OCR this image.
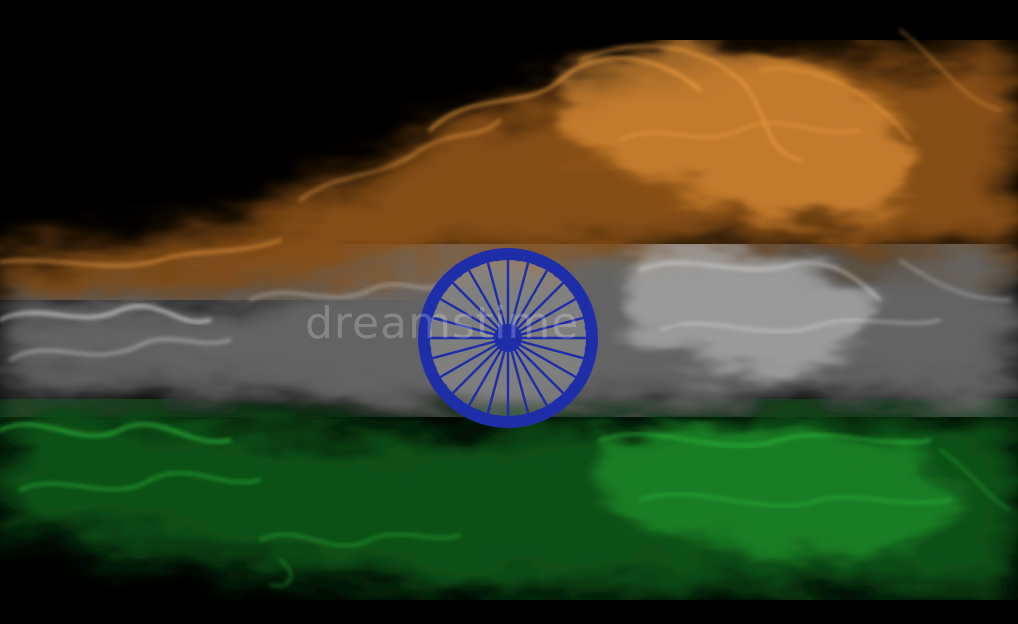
dreamstime
